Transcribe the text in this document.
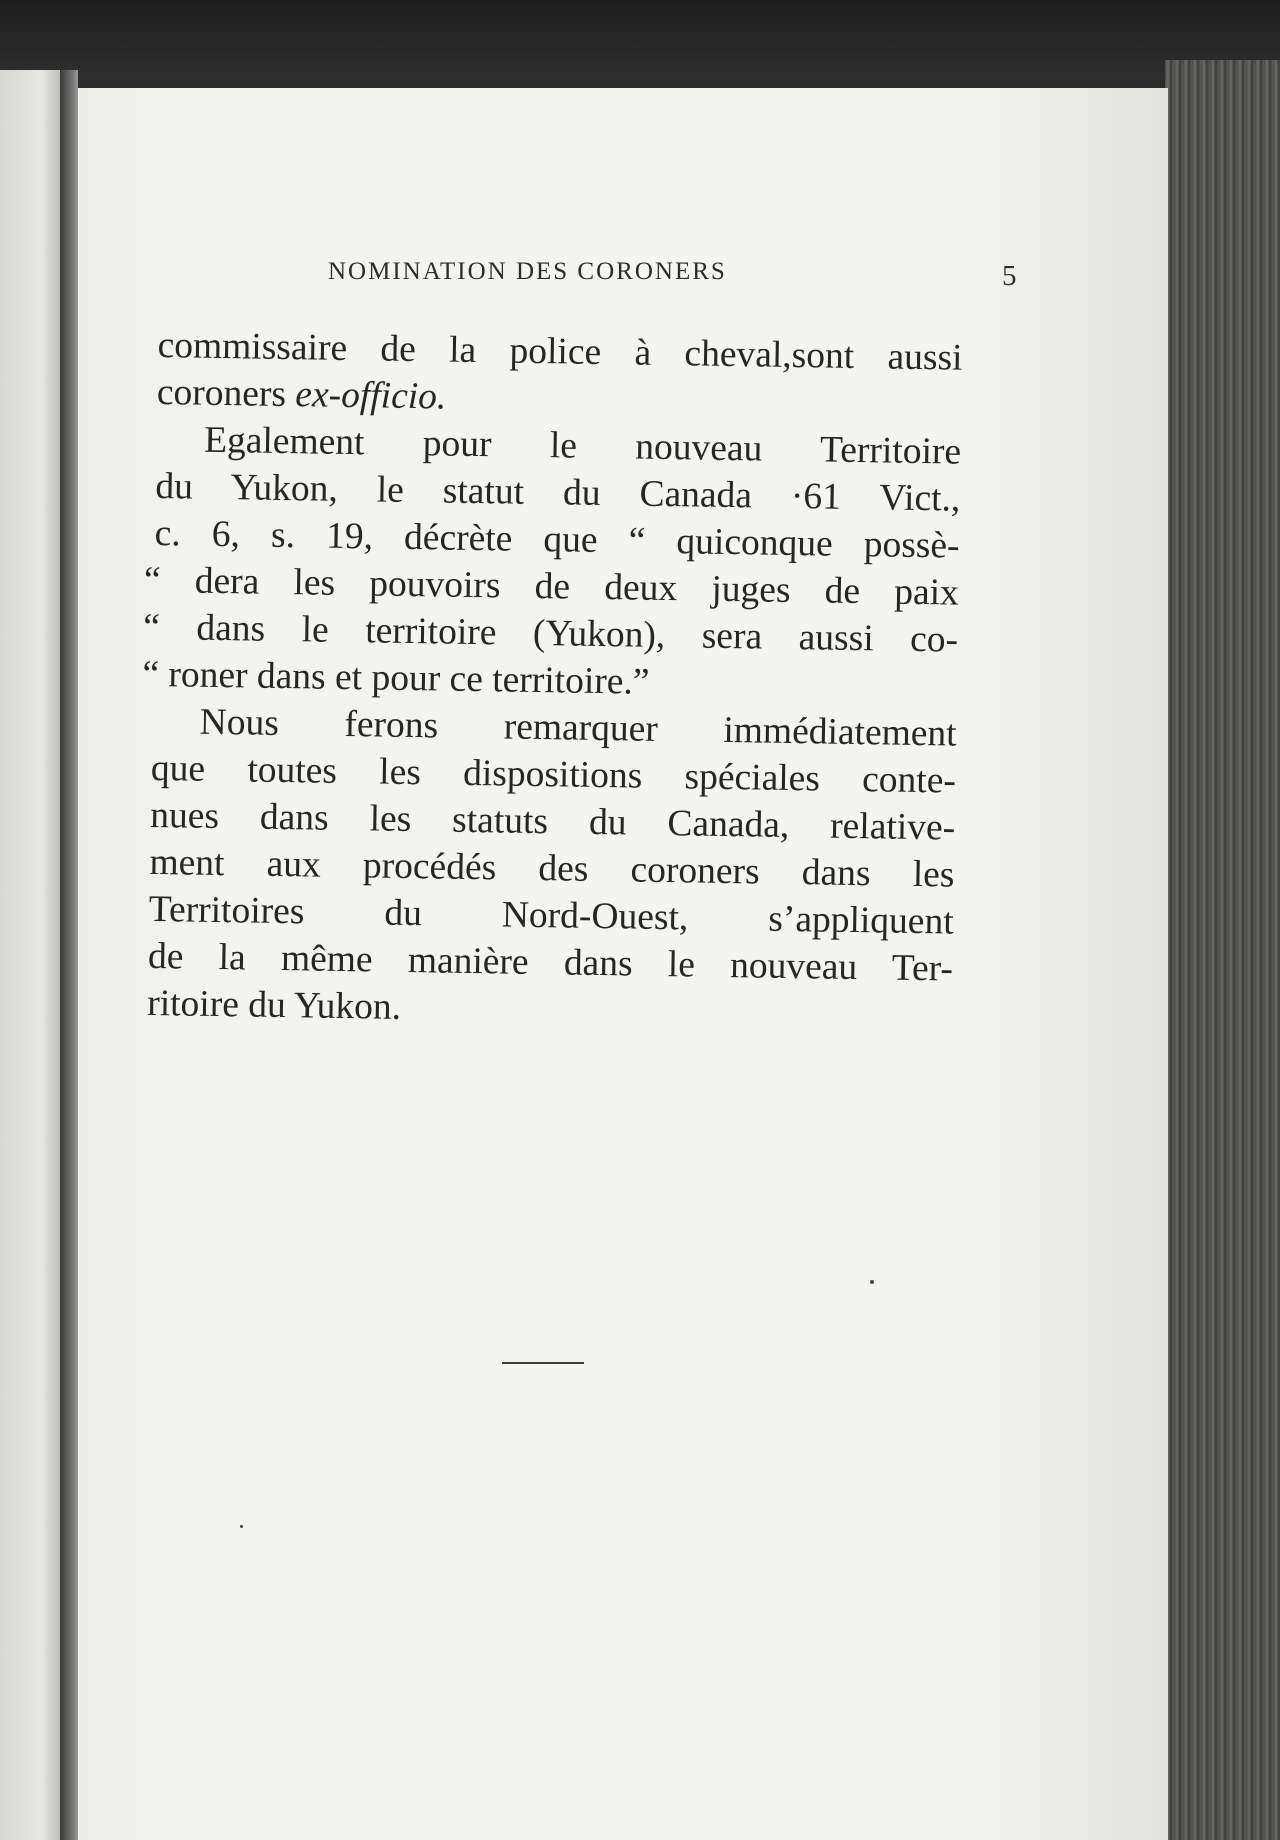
NOMINATION DES CORONERS	5
commissaire de la police à cheval,sont aussi
coroners ex-officio.
Egalement pour le nouveau Territoire
du Yukon, le statut du Canada ·61 Vict.,
c. 6, s. 19, décrète que “ quiconque possè-
“ dera les pouvoirs de deux juges de paix
“ dans le territoire (Yukon), sera aussi co-
“ roner dans et pour ce territoire.”
Nous ferons remarquer immédiatement
que toutes les dispositions spéciales conte-
nues dans les statuts du Canada, relative-
ment aux procédés des coroners dans les
Territoires du Nord-Ouest, s’appliquent
de la même manière dans le nouveau Ter-
ritoire du Yukon.
